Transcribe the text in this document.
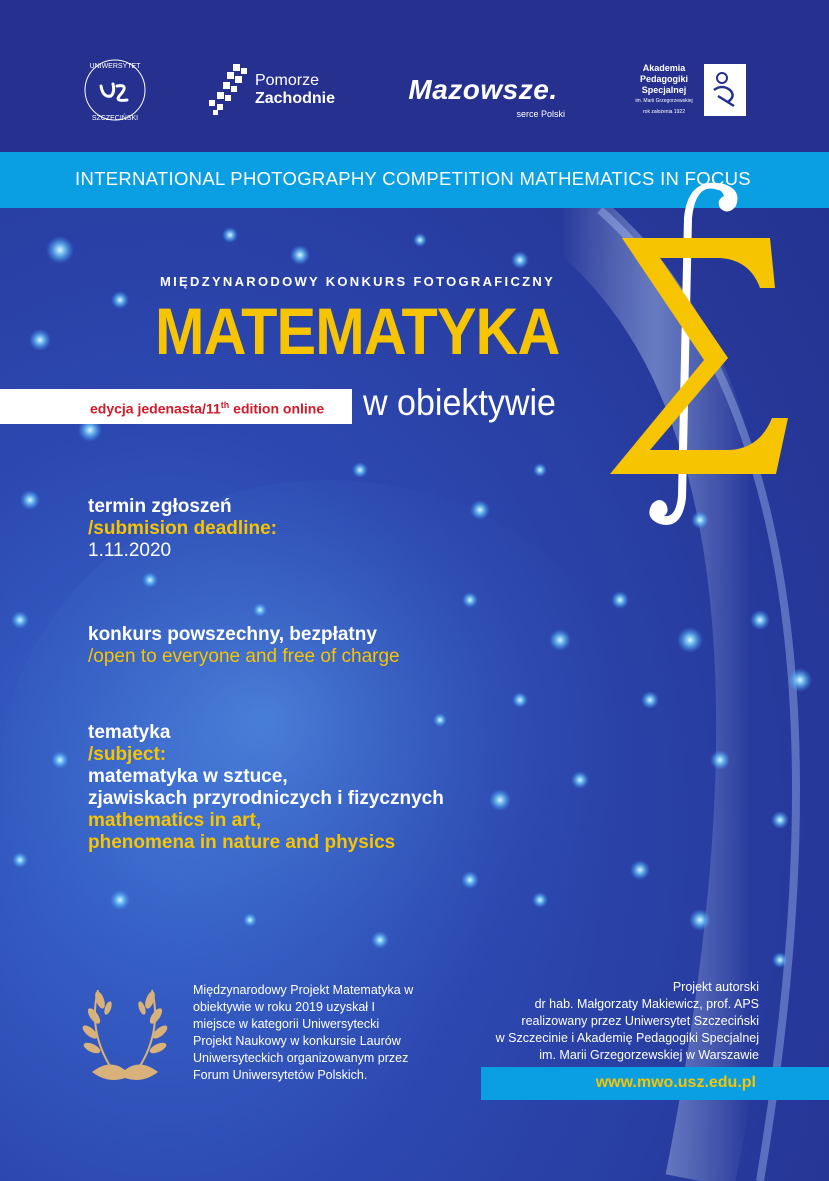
UNIWERSYTET
SZCZECIŃSKI
Pomorze
Zachodnie	Mazowsze.
serce Polski
Akademia
Pedagogiki
Specjalnej
im. Marii Grzegorzewskiej
rok założenia 1922
INTERNATIONAL PHOTOGRAPHY COMPETITION MATHEMATICS IN FOCUS
MIĘDZYNARODOWY KONKURS FOTOGRAFICZNY
MATEMATYKA
edycja jedenasta/11th edition online w obiektywie
termin zgłoszeń
/submision deadline:
1.11.2020
konkurs powszechny, bezpłatny
/open to everyone and free of charge
tematyka
/subject:
matematyka w sztuce,
zjawiskach przyrodniczych i fizycznych
mathematics in art,
phenomena in nature and physics
Międzynarodowy Projekt Matematyka w
obiektywie w roku 2019 uzyskał I
miejsce w kategorii Uniwersytecki
Projekt Naukowy w konkursie Laurów
Uniwersyteckich organizowanym przez
Forum Uniwersytetów Polskich.
Projekt autorski
dr hab. Małgorzaty Makiewicz, prof. APS
realizowany przez Uniwersytet Szczeciński
w Szczecinie i Akademię Pedagogiki Specjalnej
im. Marii Grzegorzewskiej w Warszawie
www.mwo.usz.edu.pl
